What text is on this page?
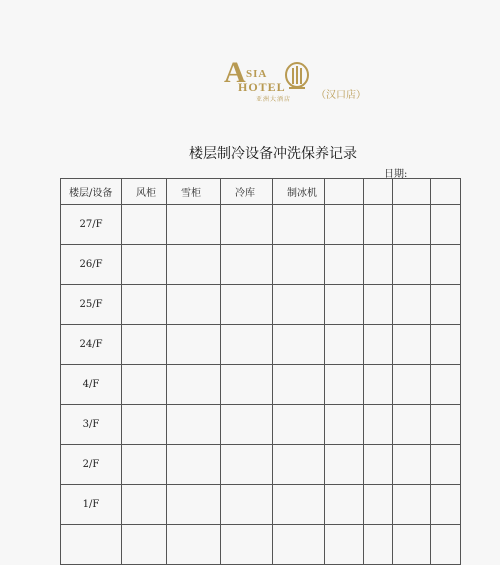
A SIA
HOTEL
亚洲大酒店 （汉口店）
楼层制冷设备冲洗保养记录
日期:
楼层/设备	风柜	雪柜	冷库	制冰机				
27/F								
26/F								
25/F								
24/F								
4/F								
3/F								
2/F								
1/F								
